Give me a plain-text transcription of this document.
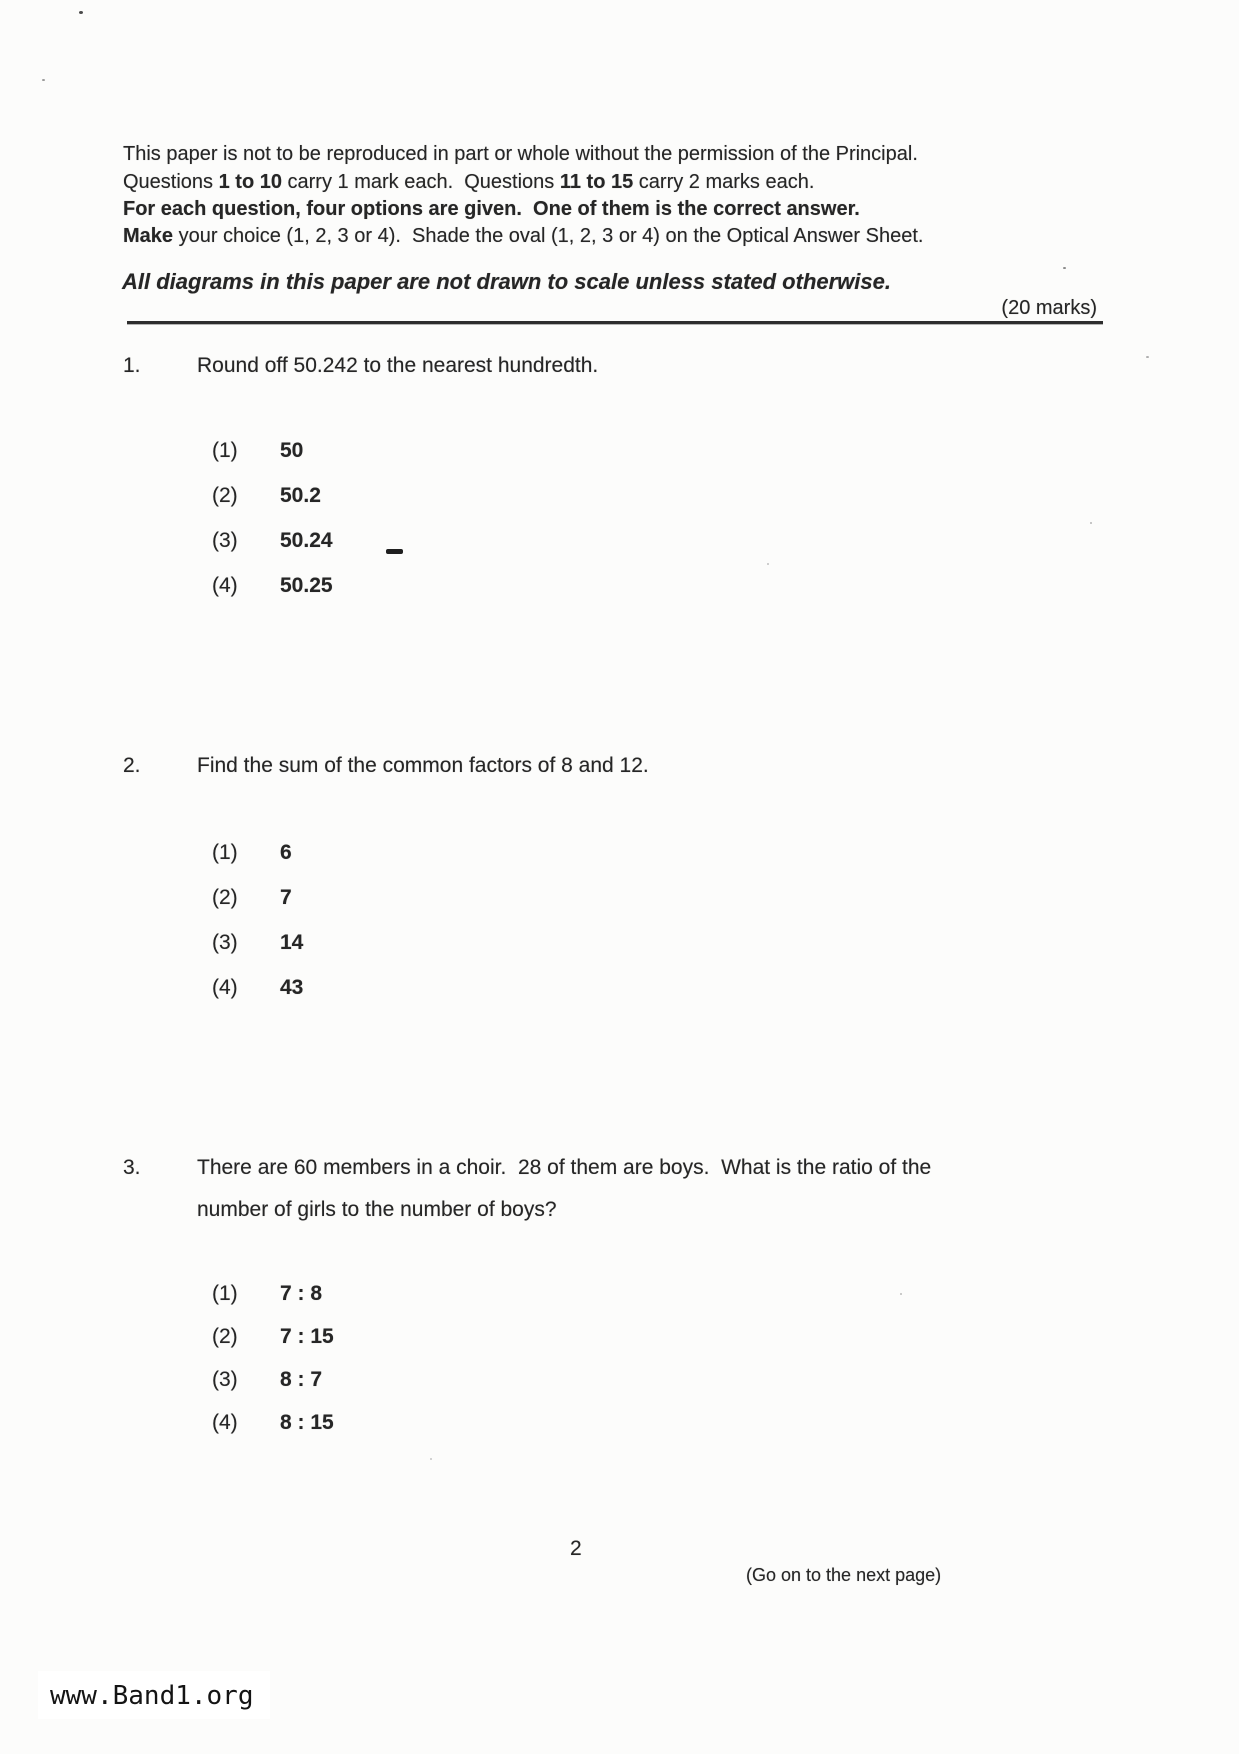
This paper is not to be reproduced in part or whole without the permission of the Principal.
Questions 1 to 10 carry 1 mark each.  Questions 11 to 15 carry 2 marks each.
For each question, four options are given.  One of them is the correct answer.
Make your choice (1, 2, 3 or 4).  Shade the oval (1, 2, 3 or 4) on the Optical Answer Sheet.
All diagrams in this paper are not drawn to scale unless stated otherwise.
(20 marks)
1.	Round off 50.242 to the nearest hundredth.
(1) 50
(2) 50.2
(3) 50.24
(4) 50.25
2.	Find the sum of the common factors of 8 and 12.
(1) 6
(2) 7
(3) 14
(4) 43
3.	There are 60 members in a choir.  28 of them are boys.  What is the ratio of the
number of girls to the number of boys?
(1) 7 : 8
(2) 7 : 15
(3) 8 : 7
(4) 8 : 15
2
(Go on to the next page)
www.Band1.org
